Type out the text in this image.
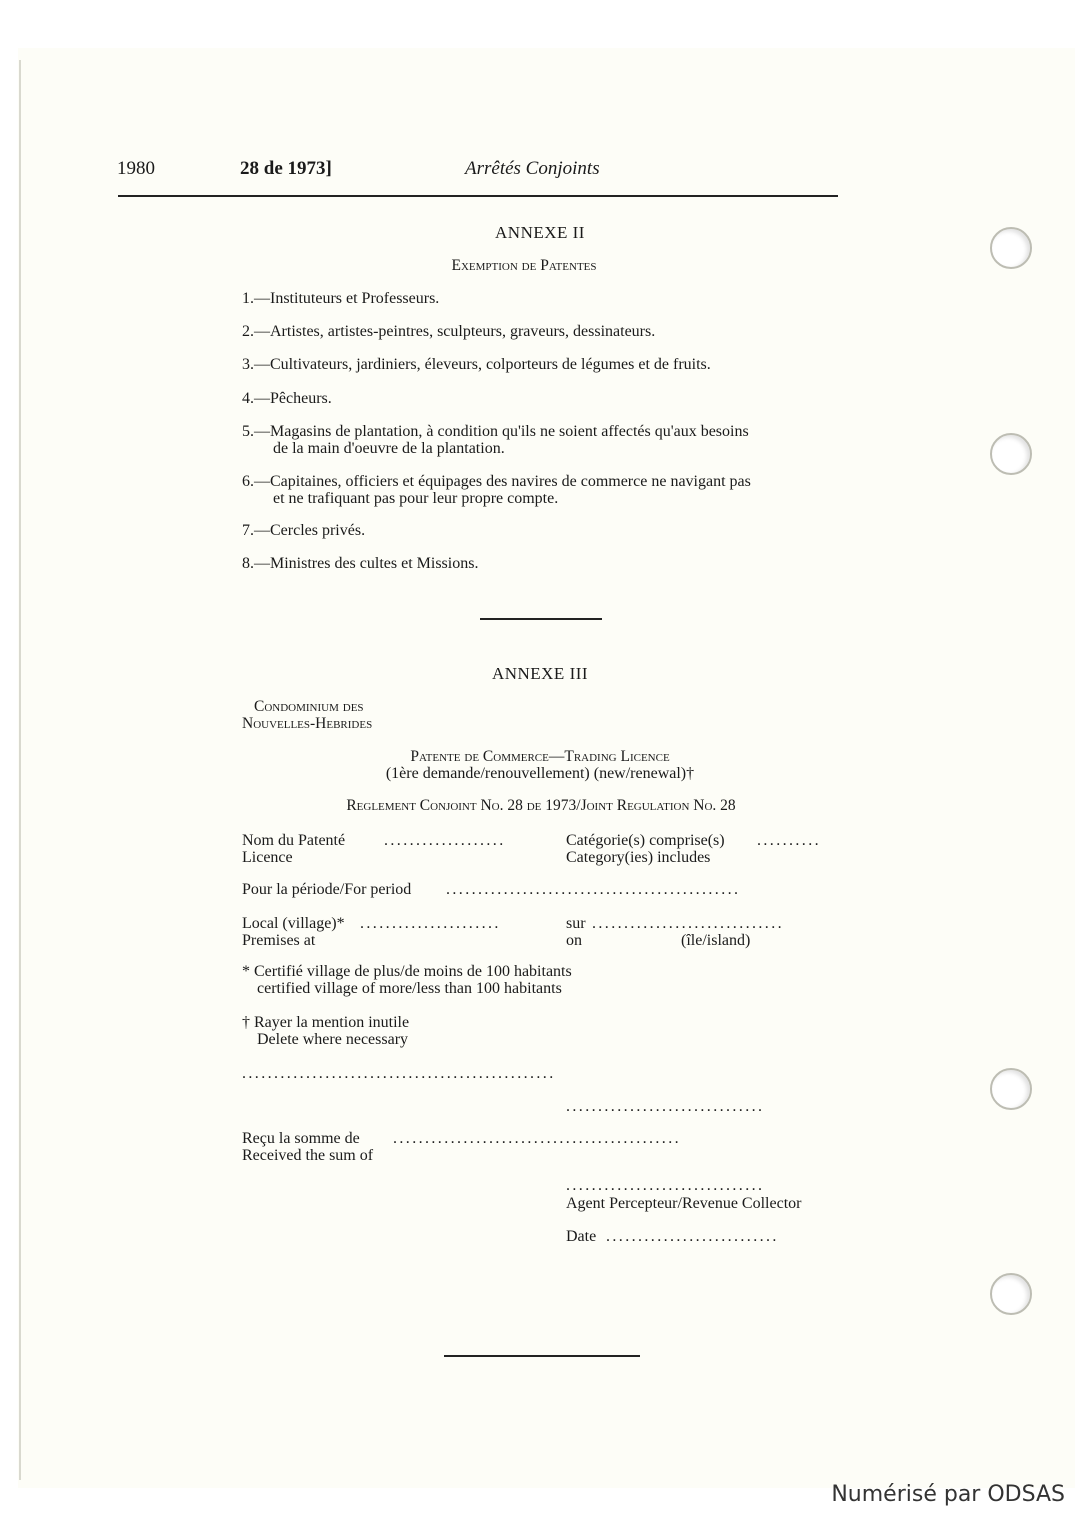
1980	28 de 1973]	Arrêtés Conjoints
ANNEXE II
Exemption de Patentes
1.—Instituteurs et Professeurs.
2.—Artistes, artistes-peintres, sculpteurs, graveurs, dessinateurs.
3.—Cultivateurs, jardiniers, éleveurs, colporteurs de légumes et de fruits.
4.—Pêcheurs.
5.—Magasins de plantation, à condition qu'ils ne soient affectés qu'aux besoins
de la main d'oeuvre de la plantation.
6.—Capitaines, officiers et équipages des navires de commerce ne navigant pas
et ne trafiquant pas pour leur propre compte.
7.—Cercles privés.
8.—Ministres des cultes et Missions.
ANNEXE III
Condominium des
Nouvelles-Hebrides
Patente de Commerce—Trading Licence
(1ère demande/renouvellement) (new/renewal)†
Reglement Conjoint No. 28 de 1973/Joint Regulation No. 28
Nom du Patenté ...................
Licence
Catégorie(s) comprise(s) ..........
Category(ies) includes
Pour la période/For period ..............................................
Local (village)* ......................
Premises at
sur ..............................
on	(île/island)
* Certifié village de plus/de moins de 100 habitants
certified village of more/less than 100 habitants
† Rayer la mention inutile
Delete where necessary
.................................................
...............................
Reçu la somme de .............................................
Received the sum of
...............................
Agent Percepteur/Revenue Collector
Date ...........................
Numérisé par ODSAS
